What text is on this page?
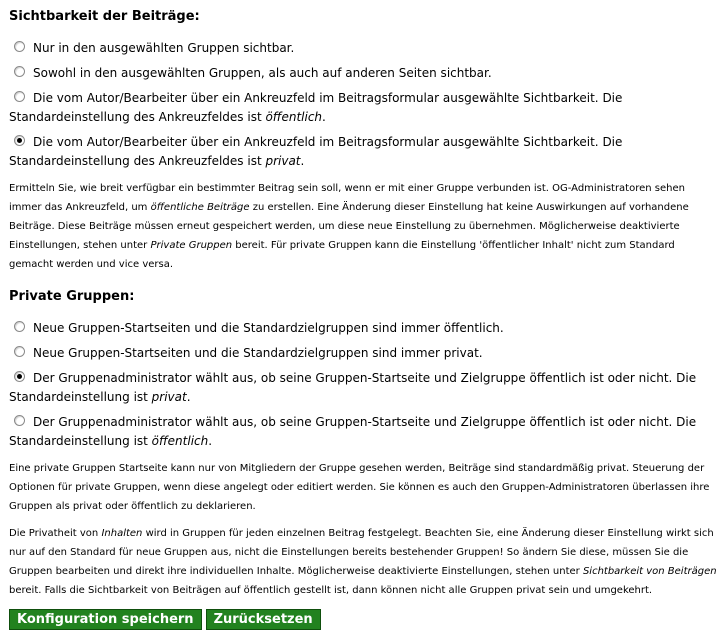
Sichtbarkeit der Beiträge:
Nur in den ausgewählten Gruppen sichtbar.
Sowohl in den ausgewählten Gruppen, als auch auf anderen Seiten sichtbar.
Die vom Autor/Bearbeiter über ein Ankreuzfeld im Beitragsformular ausgewählte Sichtbarkeit. Die Standardeinstellung des Ankreuzfeldes ist öffentlich.
Die vom Autor/Bearbeiter über ein Ankreuzfeld im Beitragsformular ausgewählte Sichtbarkeit. Die Standardeinstellung des Ankreuzfeldes ist privat.

Ermitteln Sie, wie breit verfügbar ein bestimmter Beitrag sein soll, wenn er mit einer Gruppe verbunden ist. OG-Administratoren sehen immer das Ankreuzfeld, um öffentliche Beiträge zu erstellen. Eine Änderung dieser Einstellung hat keine Auswirkungen auf vorhandene Beiträge. Diese Beiträge müssen erneut gespeichert werden, um diese neue Einstellung zu übernehmen. Möglicherweise deaktivierte Einstellungen, stehen unter Private Gruppen bereit. Für private Gruppen kann die Einstellung 'öffentlicher Inhalt' nicht zum Standard gemacht werden und vice versa.

Private Gruppen:
Neue Gruppen-Startseiten und die Standardzielgruppen sind immer öffentlich.
Neue Gruppen-Startseiten und die Standardzielgruppen sind immer privat.
Der Gruppenadministrator wählt aus, ob seine Gruppen-Startseite und Zielgruppe öffentlich ist oder nicht. Die Standardeinstellung ist privat.
Der Gruppenadministrator wählt aus, ob seine Gruppen-Startseite und Zielgruppe öffentlich ist oder nicht. Die Standardeinstellung ist öffentlich.

Eine private Gruppen Startseite kann nur von Mitgliedern der Gruppe gesehen werden, Beiträge sind standardmäßig privat. Steuerung der Optionen für private Gruppen, wenn diese angelegt oder editiert werden. Sie können es auch den Gruppen-Administratoren überlassen ihre Gruppen als privat oder öffentlich zu deklarieren.

Die Privatheit von Inhalten wird in Gruppen für jeden einzelnen Beitrag festgelegt. Beachten Sie, eine Änderung dieser Einstellung wirkt sich nur auf den Standard für neue Gruppen aus, nicht die Einstellungen bereits bestehender Gruppen! So ändern Sie diese, müssen Sie die Gruppen bearbeiten und direkt ihre individuellen Inhalte. Möglicherweise deaktivierte Einstellungen, stehen unter Sichtbarkeit von Beiträgen bereit. Falls die Sichtbarkeit von Beiträgen auf öffentlich gestellt ist, dann können nicht alle Gruppen privat sein und umgekehrt.

Konfiguration speichern Zurücksetzen
